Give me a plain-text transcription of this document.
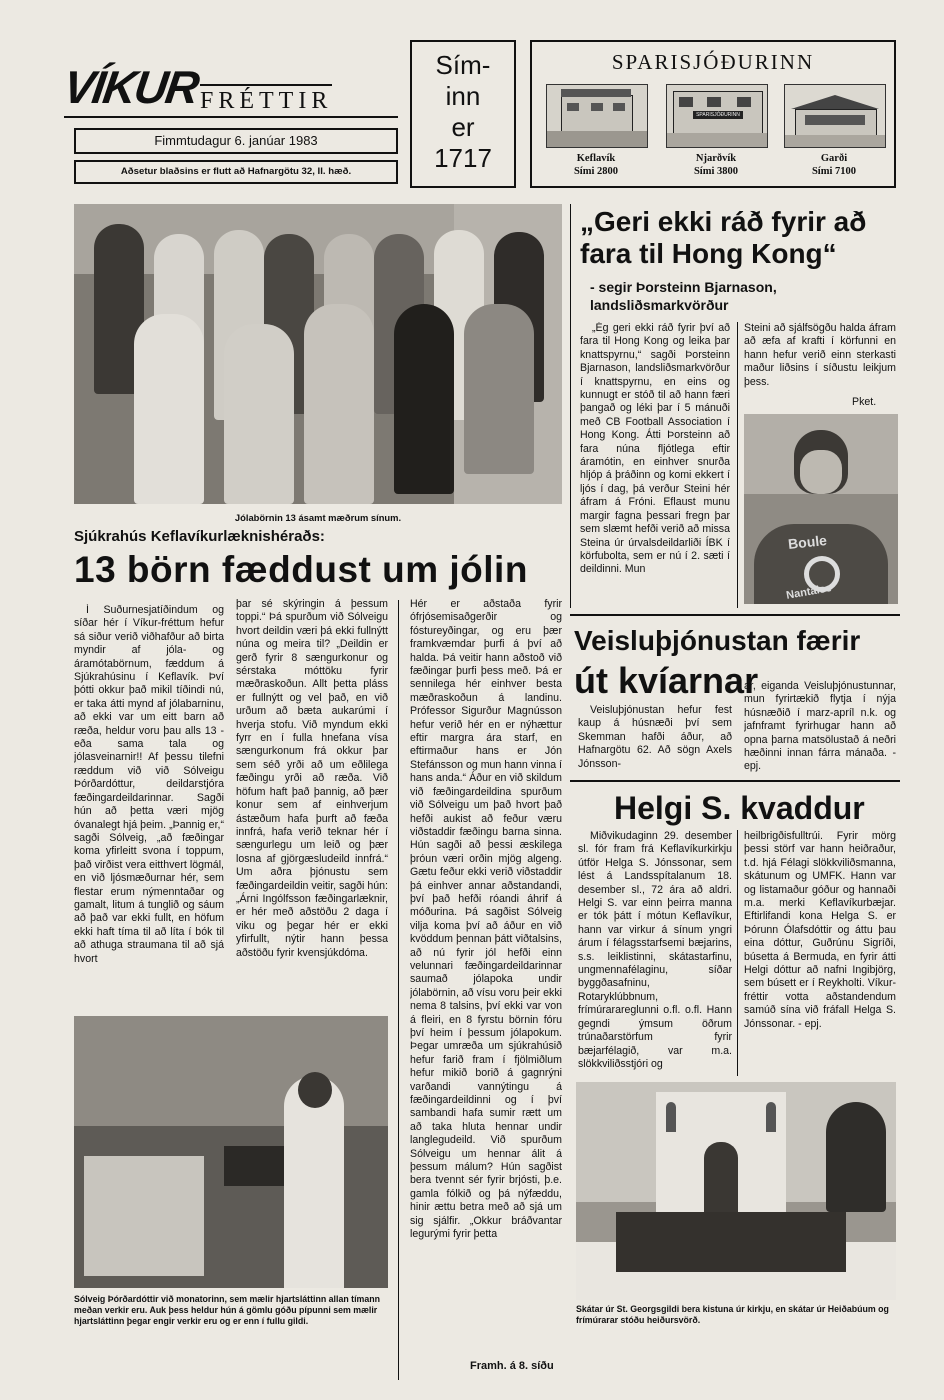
VÍKUR FRÉTTIR
Fimmtudagur 6. janúar 1983
Aðsetur blaðsins er flutt að Hafnargötu 32, II. hæð.
Sím-
inn
er
1717
SPARISJÓÐURINN
SPARISJÓÐURINN
Keflavík
Sími 2800
Njarðvík
Sími 3800
Garði
Sími 7100
Jólabörnin 13 ásamt mæðrum sínum.
Sjúkrahús Keflavíkurlæknishéraðs:
13 börn fæddust um jólin

Í Suðurnesjatíðindum og síðar hér í Víkur-fréttum hefur sá siður verið viðhafður að birta myndir af jóla- og áramótabörnum, fæddum á Sjúkrahúsinu í Keflavík. Því þótti okkur það mikil tíðindi nú, er taka átti mynd af jólabarninu, að ekki var um eitt barn að ræða, heldur voru þau alls 13 - eða sama tala og jólasveinarnir!! Af þessu tilefni ræddum við við Sólveigu Þórðardóttur, deildarstjóra fæðingardeildarinnar. Sagði hún að þetta væri mjög óvanalegt hjá þeim. „Þannig er,“ sagði Sólveig, „að fæðingar koma yfirleitt svona í toppum, það virðist vera eitthvert lögmál, en við ljósmæðurnar hér, sem flestar erum nýmenntaðar og gamalt, litum á tunglið og sáum að það var ekki fullt, en höfum ekki haft tíma til að líta í bók til að athuga straumana til að sjá hvort

þar sé skýringin á þessum toppi.“ Þá spurðum við Sólveigu hvort deildin væri þá ekki fullnýtt núna og meira til? „Deildin er gerð fyrir 8 sængurkonur og sérstaka móttöku fyrir mæðraskoðun. Allt þetta pláss er fullnýtt og vel það, en við urðum að bæta aukarúmi í hverja stofu. Við myndum ekki fyrr en í fulla hnefana vísa sængurkonum frá okkur þar sem séð yrði að um eðlilega fæðingu yrði að ræða. Við höfum haft það þannig, að þær konur sem af einhverjum ástæðum hafa þurft að fæða innfrá, hafa verið teknar hér í sængurlegu um leið og þær losna af gjörgæsludeild innfrá.“ Um aðra þjónustu sem fæðingardeildin veitir, sagði hún: „Árni Ingólfsson fæðingarlæknir, er hér með aðstöðu 2 daga í viku og þegar hér er ekki yfirfullt, nýtir hann þessa aðstöðu fyrir kvensjúkdóma.

Hér er aðstaða fyrir ófrjósemisaðgerðir og fóstureyðingar, og eru þær framkvæmdar þurfi á því að halda. Þá veitir hann aðstoð við fæðingar þurfi þess með. Þá er sennilega hér einhver besta mæðraskoðun á landinu. Prófessor Sigurður Magnússon hefur verið hér en er nýhættur eftir margra ára starf, en eftirmaður hans er Jón Stefánsson og mun hann vinna í hans anda.“ Áður en við skildum við fæðingardeildina spurðum við Sólveigu um það hvort það hefði aukist að feður væru viðstaddir fæðingu barna sinna. Hún sagði að þessi æskilega þróun væri orðin mjög algeng. Gætu feður ekki verið viðstaddir þá einhver annar aðstandandi, því það hefði róandi áhrif á móðurina. Þá sagðist Sólveig vilja koma því að áður en við kvöddum þennan þátt viðtalsins, að nú fyrir jól hefði einn velunnari fæðingardeildarinnar saumað jólapoka undir jólabörnin, að vísu voru þeir ekki nema 8 talsins, því ekki var von á fleiri, en 8 fyrstu börnin fóru því heim í þessum jólapokum. Þegar umræða um sjúkrahúsið hefur farið fram í fjölmiðlum hefur mikið borið á gagnrýni varðandi vannýtingu á fæðingardeildinni og í því sambandi hafa sumir rætt um að taka hluta hennar undir langlegudeild. Við spurðum Sólveigu um hennar álit á þessum málum? Hún sagðist bera tvennt sér fyrir brjósti, þ.e. gamla fólkið og þá nýfæddu, hinir ættu betra með að sjá um sig sjálfir. „Okkur bráðvantar legurými fyrir þetta

Framh. á 8. síðu
Sólveig Þórðardóttir við monatorinn, sem mælir hjartsláttinn allan tímann meðan verkir eru. Auk þess heldur hún á gömlu góðu pípunni sem mælir hjartsláttinn þegar engir verkir eru og er enn í fullu gildi.
„Geri ekki ráð fyrir að fara til Hong Kong“
- segir Þorsteinn Bjarnason, landsliðsmarkvörður

„Ég geri ekki ráð fyrir því að fara til Hong Kong og leika þar knattspyrnu,“ sagði Þorsteinn Bjarnason, landsliðsmarkvörður í knattspyrnu, en eins og kunnugt er stóð til að hann færi þangað og léki þar í 5 mánuði með CB Football Association í Hong Kong. Átti Þorsteinn að fara núna fljótlega eftir áramótin, en einhver snurða hljóp á þráðinn og komi ekkert í ljós í dag, þá verður Steini hér áfram á Fróni. Eflaust munu margir fagna þessari fregn þar sem slæmt hefði verið að missa Steina úr úrvalsdeildarliði ÍBK í körfubolta, sem er nú í 2. sæti í deildinni. Mun

Steini að sjálfsögðu halda áfram að æfa af krafti í körfunni en hann hefur verið einn sterkasti maður liðsins í síðustu leikjum þess.

Pket.
Boule
Nantaise
Veisluþjónustan færir
út kvíarnar

Veisluþjónustan hefur fest kaup á húsnæði því sem Skemman hafði áður, að Hafnargötu 62. Að sögn Axels Jónsson-

ar, eiganda Veisluþjónustunnar, mun fyrirtækið flytja í nýja húsnæðið í marz-apríl n.k. og jafnframt fyrirhugar hann að opna þarna matsölustað á neðri hæðinni innan fárra mánaða. - epj.

Helgi S. kvaddur

Miðvikudaginn 29. desember sl. fór fram frá Keflavíkurkirkju útför Helga S. Jónssonar, sem lést á Landsspítalanum 18. desember sl., 72 ára að aldri. Helgi S. var einn þeirra manna er tók þátt í mótun Keflavíkur, hann var virkur á sínum yngri árum í félagsstarfsemi bæjarins, s.s. leiklistinni, skátastarfinu, ungmennafélaginu, síðar byggðasafninu, Rotaryklúbbnum, frímúrarareglunni o.fl. o.fl. Hann gegndi ýmsum öðrum trúnaðarstörfum fyrir bæjarfélagið, var m.a. slökkviliðsstjóri og

heilbrigðisfulltrúi. Fyrir mörg þessi störf var hann heiðraður, t.d. hjá Félagi slökkviliðsmanna, skátunum og UMFK. Hann var og listamaður góður og hannaði m.a. merki Keflavíkurbæjar. Eftirlifandi kona Helga S. er Þórunn Ólafsdóttir og áttu þau eina dóttur, Guðrúnu Sigríði, búsetta á Bermuda, en fyrir átti Helgi dóttur að nafni Ingibjörg, sem búsett er í Reykholti. Víkur-fréttir votta aðstandendum samúð sína við fráfall Helga S. Jónssonar. - epj.

Skátar úr St. Georgsgildi bera kistuna úr kirkju, en skátar úr Heiðabúum og frímúrarar stóðu heiðursvörð.
